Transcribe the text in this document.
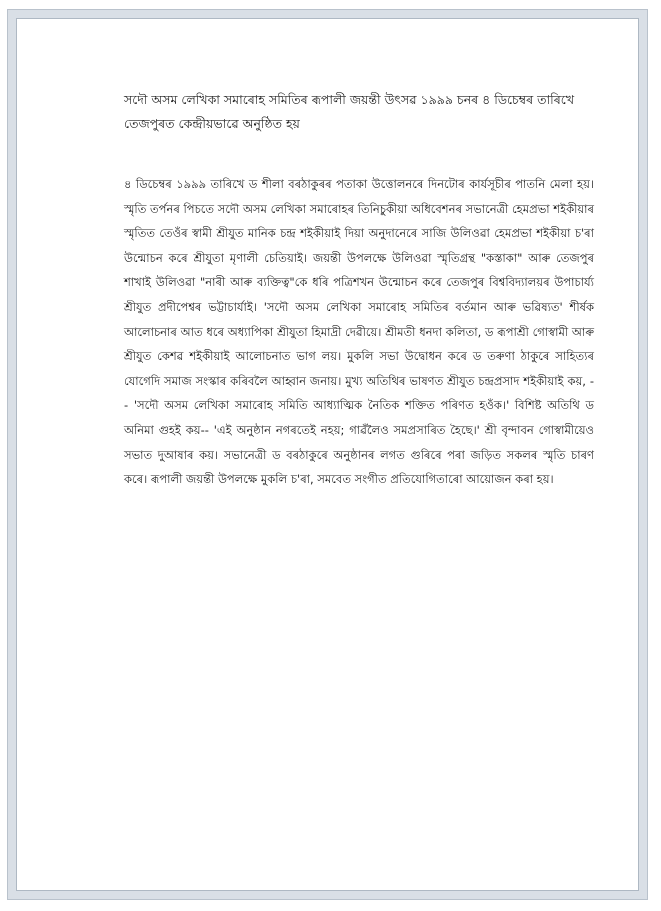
সদৌ অসম লেখিকা সমাৰোহ সমিতিৰ ৰূপালী জয়ন্তী উৎসৱ ১৯৯৯ চনৰ ৪ ডিচেম্বৰ তাৰিখে তেজপুৰত কেন্দ্ৰীয়ভাৱে অনুষ্ঠিত হয়

৪ ডিচেম্বৰ ১৯৯৯ তাৰিখে ড শীলা বৰঠাকুৰৰ পতাকা উত্তোলনৰে দিনটোৰ কাৰ্যসূচীৰ পাতনি মেলা হয়। স্মৃতি তৰ্পনৰ পিচতে সদৌ অসম লেখিকা সমাৰোহৰ তিনিচুকীয়া অধিবেশনৰ সভানেত্ৰী হেমপ্ৰভা শইকীয়াৰ স্মৃতিত তেওঁৰ স্বামী শ্ৰীযুত মানিক চন্দ্ৰ শইকীয়াই দিয়া অনুদানেৰে সাজি উলিওৱা হেমপ্ৰভা শইকীয়া চ'ৰা উন্মোচন কৰে শ্ৰীযুতা মৃণালী চেতিয়াই। জয়ন্তী উপলক্ষে উলিওৱা স্মৃতিগ্ৰন্থ "কস্তাকা" আৰু তেজপুৰ শাখাই উলিওৱা "নাৰী আৰু ব্যক্তিত্ব"কে ধৰি পত্ৰিশখন উন্মোচন কৰে তেজপুৰ বিশ্ববিদ্যালয়ৰ উপাচাৰ্য্য শ্ৰীযুত প্ৰদীপেশ্বৰ ভট্টাচাৰ্যাই। 'সদৌ অসম লেখিকা সমাৰোহ সমিতিৰ বৰ্তমান আৰু ভৱিষ্যত' শীৰ্ষক আলোচনাৰ আত ধৰে অধ্যাপিকা শ্ৰীযুতা হিমাদ্ৰী দেৱীয়ে। শ্ৰীমতী ধনদা কলিতা, ড ৰূপাশ্ৰী গোস্বামী আৰু শ্ৰীযুত কেশৱ শইকীয়াই আলোচনাত ভাগ লয়। মুকলি সভা উদ্বোধন কৰে ড তৰুণা ঠাকুৰে সাহিত্যৰ যোগেদি সমাজ সংস্কাৰ কৰিবলৈ আহ্বান জনায়। মুখ্য অতিথিৰ ভাষণত শ্ৰীযুত চন্দ্ৰপ্ৰসাদ শইকীয়াই কয়, -- 'সদৌ অসম লেখিকা সমাৰোহ সমিতি আধ্যাত্মিক নৈতিক শক্তিত পৰিণত হওঁক।' বিশিষ্ট অতিথি ড অনিমা গুহই কয়-- 'এই অনুষ্ঠান নগৰতেই নহয়; গাৱঁলৈও সমপ্ৰসাৰিত হৈছে।' শ্ৰী বৃন্দাবন গোস্বামীয়েও সভাত দুআষাৰ কয়। সভানেত্ৰী ড বৰঠাকুৰে অনুষ্ঠানৰ লগত গুৰিৰে পৰা জড়িত সকলৰ স্মৃতি চাৰণ কৰে। ৰূপালী জয়ন্তী উপলক্ষে মুকলি চ'ৰা, সমবেত সংগীত প্ৰতিযোগিতাৰো আয়োজন কৰা হয়।
